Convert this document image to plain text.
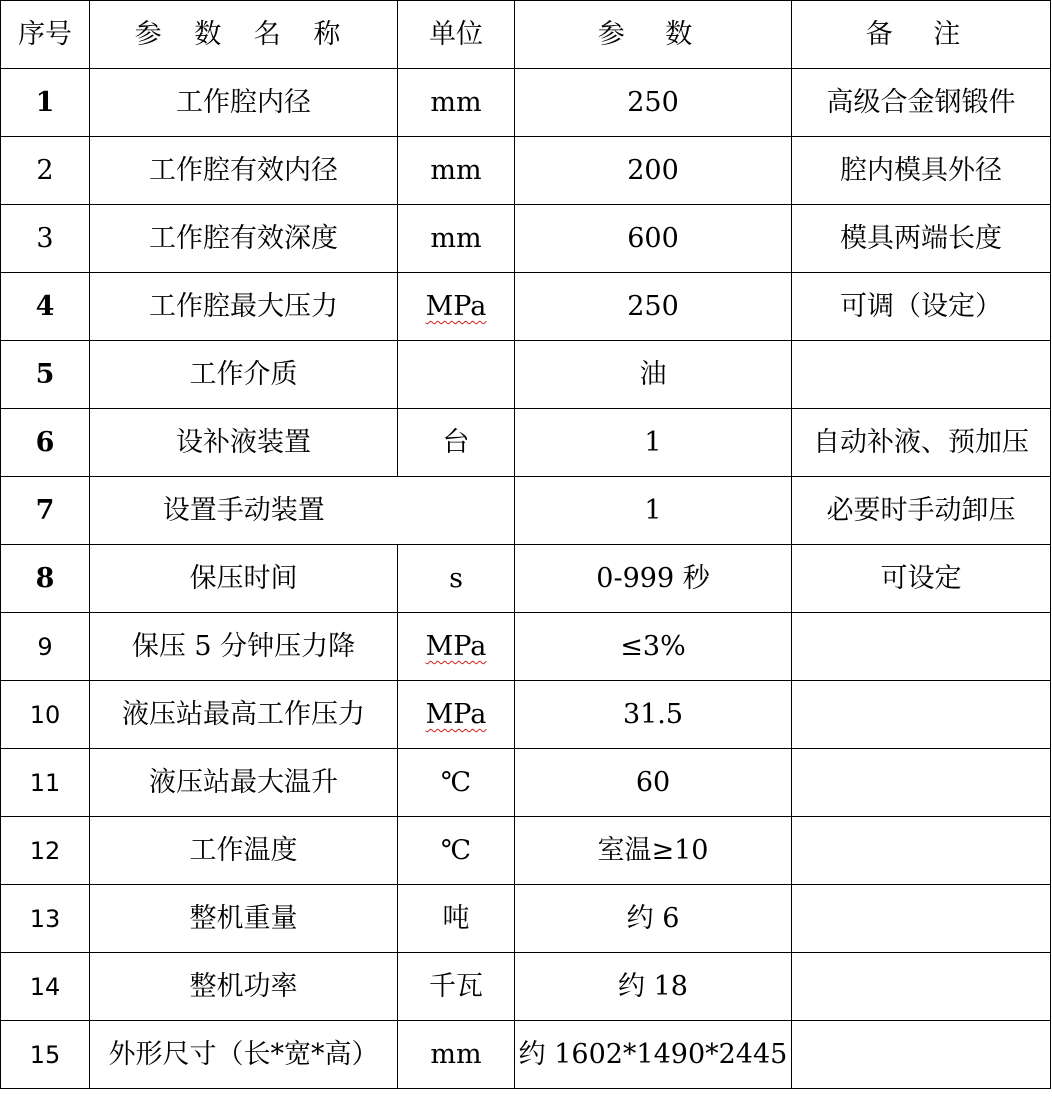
序号	参 数 名 称	单位	参 数	备 注
1	工作腔内径	mm	250	高级合金钢锻件
2	工作腔有效内径	mm	200	腔内模具外径
3	工作腔有效深度	mm	600	模具两端长度
4	工作腔最大压力	MPa	250	可调（设定）
5	工作介质		油	
6	设补液装置	台	1	自动补液、预加压
7	设置手动装置		1	必要时手动卸压
8	保压时间	s	0-999 秒	可设定
9	保压 5 分钟压力降	MPa	≤3%	
10	液压站最高工作压力	MPa	31.5	
11	液压站最大温升	℃	60	
12	工作温度	℃	室温≥10	
13	整机重量	吨	约 6	
14	整机功率	千瓦	约 18	
15	外形尺寸（长*宽*高）	mm	约 1602*1490*2445	
